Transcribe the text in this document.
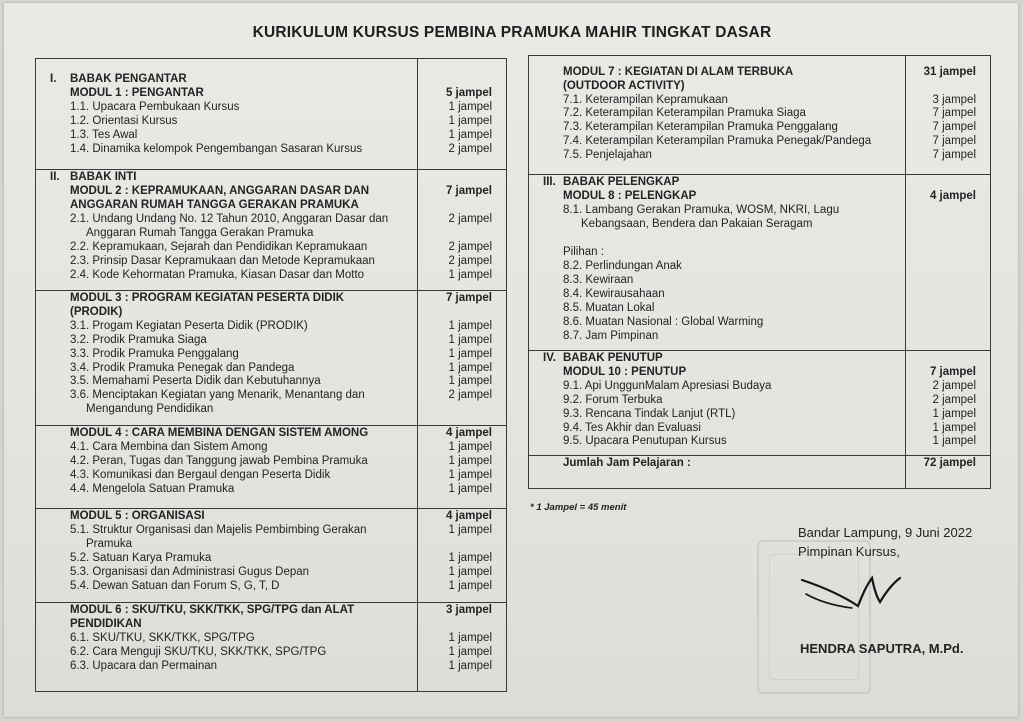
KURIKULUM KURSUS PEMBINA PRAMUKA MAHIR TINGKAT DASAR
I. BABAK PENGANTAR
MODUL 1 : PENGANTAR	5 jampel
1.1. Upacara Pembukaan Kursus	1 jampel
1.2. Orientasi Kursus	1 jampel
1.3. Tes Awal	1 jampel
1.4. Dinamika kelompok Pengembangan Sasaran Kursus	2 jampel
II. BABAK INTI
MODUL 2 : KEPRAMUKAAN, ANGGARAN DASAR DAN	7 jampel
ANGGARAN RUMAH TANGGA GERAKAN PRAMUKA
2.1. Undang Undang No. 12 Tahun 2010, Anggaran Dasar dan	2 jampel
Anggaran Rumah Tangga Gerakan Pramuka
2.2. Kepramukaan, Sejarah dan Pendidikan Kepramukaan	2 jampel
2.3. Prinsip Dasar Kepramukaan dan Metode Kepramukaan	2 jampel
2.4. Kode Kehormatan Pramuka, Kiasan Dasar dan Motto	1 jampel
MODUL 3 : PROGRAM KEGIATAN PESERTA DIDIK	7 jampel
(PRODIK)
3.1. Progam Kegiatan Peserta Didik (PRODIK)	1 jampel
3.2. Prodik Pramuka Siaga	1 jampel
3.3. Prodik Pramuka Penggalang	1 jampel
3.4. Prodik Pramuka Penegak dan Pandega	1 jampel
3.5. Memahami Peserta Didik dan Kebutuhannya	1 jampel
3.6. Menciptakan Kegiatan yang Menarik, Menantang dan	2 jampel
Mengandung Pendidikan
MODUL 4 : CARA MEMBINA DENGAN SISTEM AMONG	4 jampel
4.1. Cara Membina dan Sistem Among	1 jampel
4.2. Peran, Tugas dan Tanggung jawab Pembina Pramuka	1 jampel
4.3. Komunikasi dan Bergaul dengan Peserta Didik	1 jampel
4.4. Mengelola Satuan Pramuka	1 jampel
MODUL 5 : ORGANISASI	4 jampel
5.1. Struktur Organisasi dan Majelis Pembimbing Gerakan	1 jampel
Pramuka
5.2. Satuan Karya Pramuka	1 jampel
5.3. Organisasi dan Administrasi Gugus Depan	1 jampel
5.4. Dewan Satuan dan Forum S, G, T, D	1 jampel
MODUL 6 : SKU/TKU, SKK/TKK, SPG/TPG dan ALAT	3 jampel
PENDIDIKAN
6.1. SKU/TKU, SKK/TKK, SPG/TPG	1 jampel
6.2. Cara Menguji SKU/TKU, SKK/TKK, SPG/TPG	1 jampel
6.3. Upacara dan Permainan	1 jampel
MODUL 7 : KEGIATAN DI ALAM TERBUKA	31 jampel
(OUTDOOR ACTIVITY)
7.1. Keterampilan Kepramukaan	3 jampel
7.2. Keterampilan Keterampilan Pramuka Siaga	7 jampel
7.3. Keterampilan Keterampilan Pramuka Penggalang	7 jampel
7.4. Keterampilan Keterampilan Pramuka Penegak/Pandega	7 jampel
7.5. Penjelajahan	7 jampel
III. BABAK PELENGKAP
MODUL 8 : PELENGKAP	4 jampel
8.1. Lambang Gerakan Pramuka, WOSM, NKRI, Lagu
Kebangsaan, Bendera dan Pakaian Seragam
Pilihan :
8.2. Perlindungan Anak
8.3. Kewiraan
8.4. Kewirausahaan
8.5. Muatan Lokal
8.6. Muatan Nasional : Global Warming
8.7. Jam Pimpinan
IV. BABAK PENUTUP
MODUL 10 : PENUTUP	7 jampel
9.1. Api UnggunMalam Apresiasi Budaya	2 jampel
9.2. Forum Terbuka	2 jampel
9.3. Rencana Tindak Lanjut (RTL)	1 jampel
9.4. Tes Akhir dan Evaluasi	1 jampel
9.5. Upacara Penutupan Kursus	1 jampel
Jumlah Jam Pelajaran :	72 jampel
* 1 Jampel = 45 menit
Bandar Lampung, 9 Juni 2022
Pimpinan Kursus,
HENDRA SAPUTRA, M.Pd.
